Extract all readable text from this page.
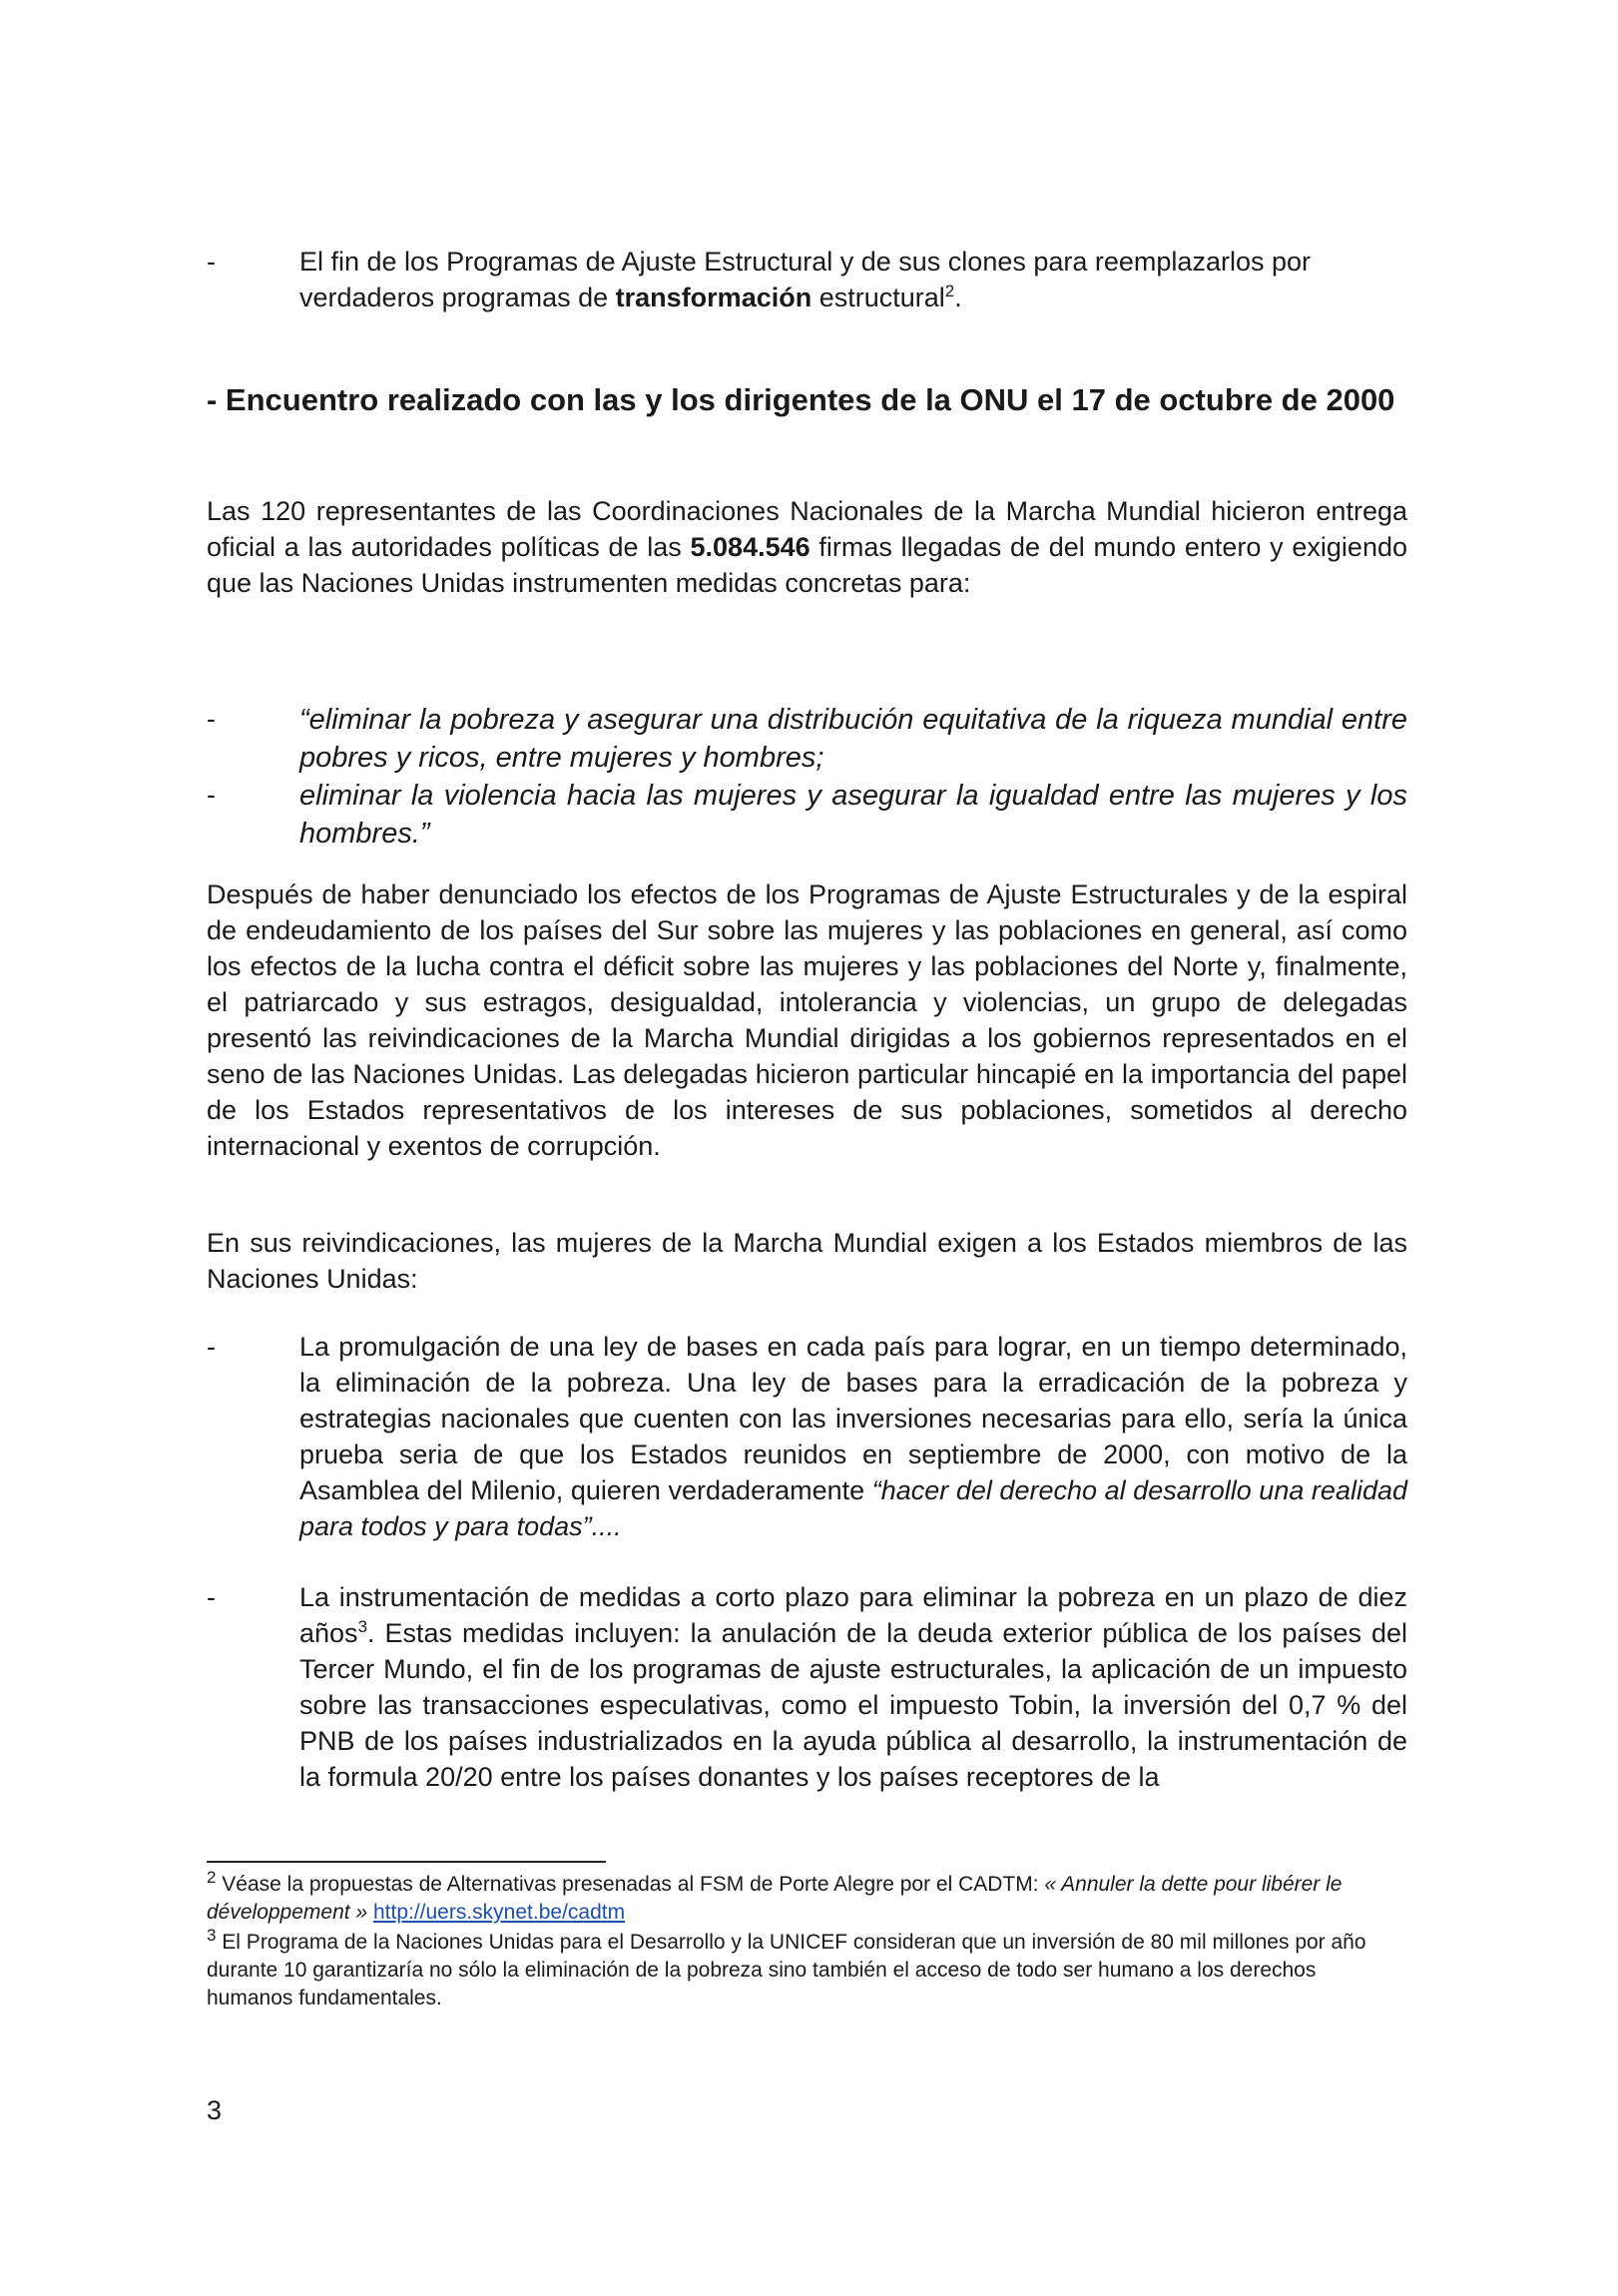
-	El fin de los Programas de Ajuste Estructural y de sus clones para reemplazarlos por verdaderos programas de transformación estructural$^2$.
- Encuentro realizado con las y los dirigentes de la ONU el 17 de octubre de 2000
Las 120 representantes de las Coordinaciones Nacionales de la Marcha Mundial hicieron entrega oficial a las autoridades políticas de las 5.084.546 firmas llegadas de del mundo entero y exigiendo que las Naciones Unidas instrumenten medidas concretas para:
-	“eliminar la pobreza y asegurar una distribución equitativa de la riqueza mundial entre pobres y ricos, entre mujeres y hombres;
-	eliminar la violencia hacia las mujeres y asegurar la igualdad entre las mujeres y los hombres.”
Después de haber denunciado los efectos de los Programas de Ajuste Estructurales y de la espiral de endeudamiento de los países del Sur sobre las mujeres y las poblaciones en general, así como los efectos de la lucha contra el déficit sobre las mujeres y las poblaciones del Norte y, finalmente, el patriarcado y sus estragos, desigualdad, intolerancia y violencias, un grupo de delegadas presentó las reivindicaciones de la Marcha Mundial dirigidas a los gobiernos representados en el seno de las Naciones Unidas. Las delegadas hicieron particular hincapié en la importancia del papel de los Estados representativos de los intereses de sus poblaciones, sometidos al derecho internacional y exentos de corrupción.
En sus reivindicaciones, las mujeres de la Marcha Mundial exigen a los Estados miembros de las Naciones Unidas:
-	La promulgación de una ley de bases en cada país para lograr, en un tiempo determinado, la eliminación de la pobreza. Una ley de bases para la erradicación de la pobreza y estrategias nacionales que cuenten con las inversiones necesarias para ello, sería la única prueba seria de que los Estados reunidos en septiembre de 2000, con motivo de la Asamblea del Milenio, quieren verdaderamente “hacer del derecho al desarrollo una realidad para todos y para todas”....
-	La instrumentación de medidas a corto plazo para eliminar la pobreza en un plazo de diez años$^3$. Estas medidas incluyen: la anulación de la deuda exterior pública de los países del Tercer Mundo, el fin de los programas de ajuste estructurales, la aplicación de un impuesto sobre las transacciones especulativas, como el impuesto Tobin, la inversión del 0,7 % del PNB de los países industrializados en la ayuda pública al desarrollo, la instrumentación de la formula 20/20 entre los países donantes y los países receptores de la
$^2$ Véase la propuestas de Alternativas presenadas al FSM de Porte Alegre por el CADTM: « Annuler la dette pour libérer le développement » http://uers.skynet.be/cadtm
$^3$ El Programa de la Naciones Unidas para el Desarrollo y la UNICEF consideran que un inversión de 80 mil millones por año durante 10 garantizaría no sólo la eliminación de la pobreza sino también el acceso de todo ser humano a los derechos humanos fundamentales.
3
